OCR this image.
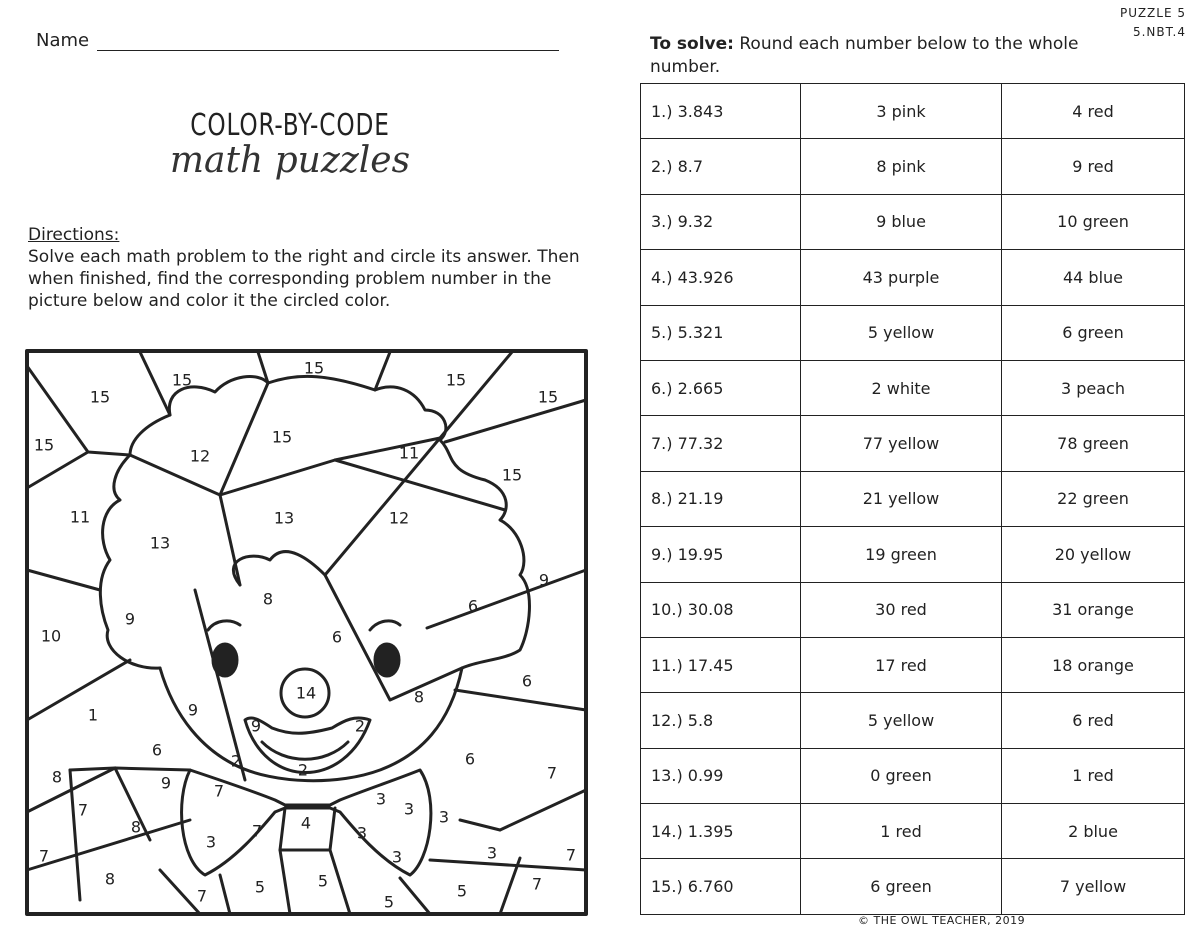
PUZZLE 5
5.NBT.4
Name
COLOR-BY-CODE
math puzzles
Directions:
Solve each math problem to the right and circle its answer. Then when finished, find the corresponding problem number in the picture below and color it the circled color.
To solve: Round each number below to the whole number.
1.) 3.843	3 pink	4 red
2.) 8.7	8 pink	9 red
3.) 9.32	9 blue	10 green
4.) 43.926	43 purple	44 blue
5.) 5.321	5 yellow	6 green
6.) 2.665	2 white	3 peach
7.) 77.32	77 yellow	78 green
8.) 21.19	21 yellow	22 green
9.) 19.95	19 green	20 yellow
10.) 30.08	30 red	31 orange
11.) 17.45	17 red	18 orange
12.) 5.8	5 yellow	6 red
13.) 0.99	0 green	1 red
14.) 1.395	1 red	2 blue
15.) 6.760	6 green	7 yellow
15
15
15
15
15
15
15
15
12	11
13	12
13
11
9
10
9
8
6
6
14
1	9
6
8
6
9	2
2
2	6
8	9
7
7	3
3 3
7
8
7
3
7	3
3
4
3	7
8
7	5	5
5
5	7
© THE OWL TEACHER, 2019
